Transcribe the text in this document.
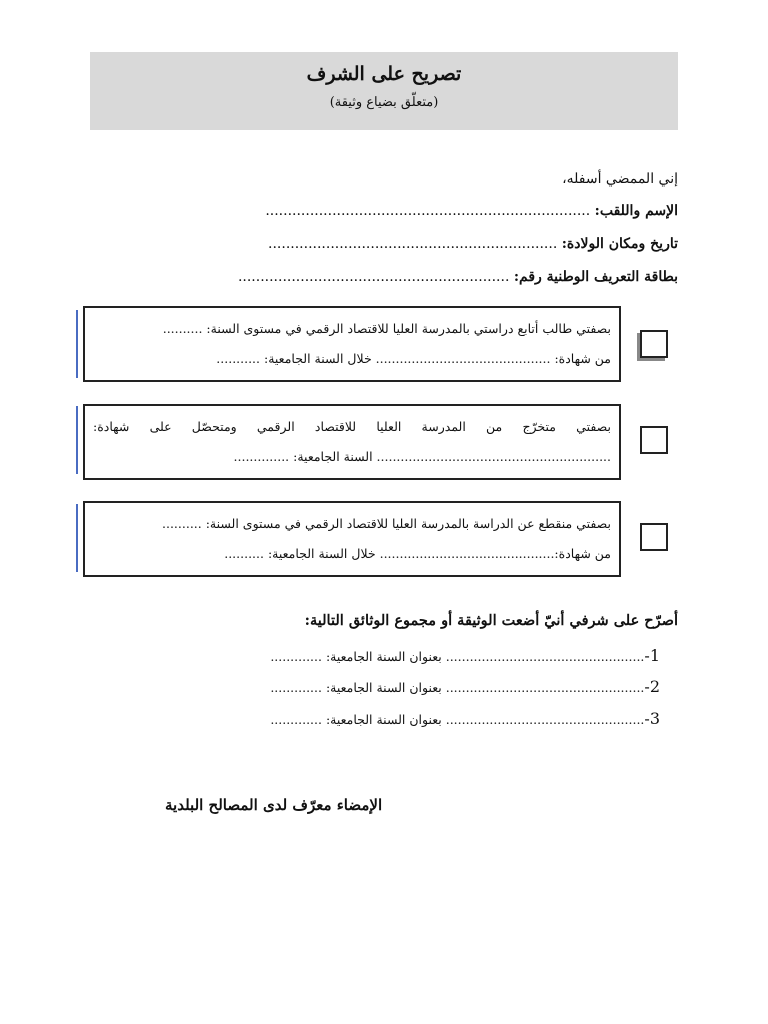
تصريح على الشرف
(متعلّق بضياع وثيقة)
إني الممضي أسفله،
الإسم واللقب: .........................................................................
تاريخ ومكان الولادة: .................................................................
بطاقة التعريف الوطنية رقم: .............................................................
بصفتي طالب أتابع دراستي بالمدرسة العليا للاقتصاد الرقمي في مستوى السنة: ..........
من شهادة: ............................................ خلال السنة الجامعية: ...........
بصفتي متخرّج من المدرسة العليا للاقتصاد الرقمي ومتحصّل على شهادة:
........................................................... السنة الجامعية: ..............
بصفتي منقطع عن الدراسة بالمدرسة العليا للاقتصاد الرقمي في مستوى السنة: ..........
من شهادة:............................................ خلال السنة الجامعية: ..........
أصرّح على شرفي أنيّ أضعت الوثيقة أو مجموع الوثائق التالية:
1-.................................................. بعنوان السنة الجامعية: .............
2-.................................................. بعنوان السنة الجامعية: .............
3-.................................................. بعنوان السنة الجامعية: .............
الإمضاء معرّف لدى المصالح البلدية
